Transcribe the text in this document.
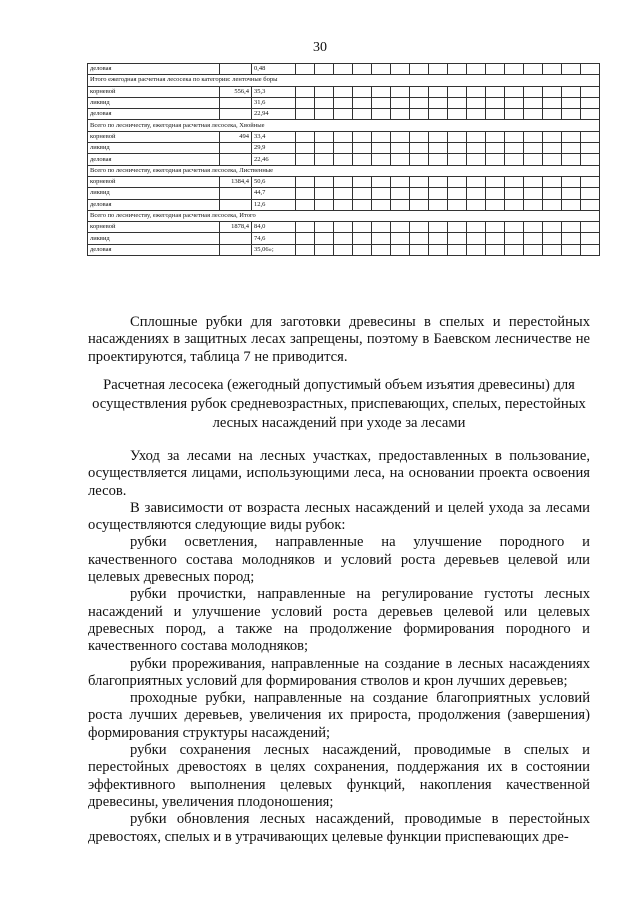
30
деловая		0,48																
Итого ежегодная расчетная лесосека по категории: ленточные боры																		
корневой	556,4	35,3																
ликвид		31,6																
деловая		22,94																
Всего по лесничеству, ежегодная расчетная лесосека, Хвойные																		
корневой	494	33,4																
ликвид		29,9																
деловая		22,46																
Всего по лесничеству, ежегодная расчетная лесосека, Лиственные																		
корневой	1384,4	50,6																
ликвид		44,7																
деловая		12,6																
Всего по лесничеству, ежегодная расчетная лесосека, Итого																		
корневой	1878,4	84,0																
ликвид		74,6																
деловая		35,06»;																
Сплошные рубки для заготовки древесины в спелых и перестойных насаждениях в защитных лесах запрещены, поэтому в Баевском лесничестве не проектируются, таблица 7 не приводится.
Расчетная лесосека (ежегодный допустимый объем изъятия древесины) для осуществления рубок средневозрастных, приспевающих, спелых, перестойных лесных насаждений при уходе за лесами
Уход за лесами на лесных участках, предоставленных в пользование, осуществляется лицами, использующими леса, на основании проекта освоения лесов.
В зависимости от возраста лесных насаждений и целей ухода за лесами осуществляются следующие виды рубок:
рубки осветления, направленные на улучшение породного и качественного состава молодняков и условий роста деревьев целевой или целевых древесных пород;
рубки прочистки, направленные на регулирование густоты лесных насаждений и улучшение условий роста деревьев целевой или целевых древесных пород, а также на продолжение формирования породного и качественного состава молодняков;
рубки прореживания, направленные на создание в лесных насаждениях благоприятных условий для формирования стволов и крон лучших деревьев;
проходные рубки, направленные на создание благоприятных условий роста лучших деревьев, увеличения их прироста, продолжения (завершения) формирования структуры насаждений;
рубки сохранения лесных насаждений, проводимые в спелых и перестойных древостоях в целях сохранения, поддержания их в состоянии эффективного выполнения целевых функций, накопления качественной древесины, увеличения плодоношения;
рубки обновления лесных насаждений, проводимые в перестойных древостоях, спелых и в утрачивающих целевые функции приспевающих дре-
